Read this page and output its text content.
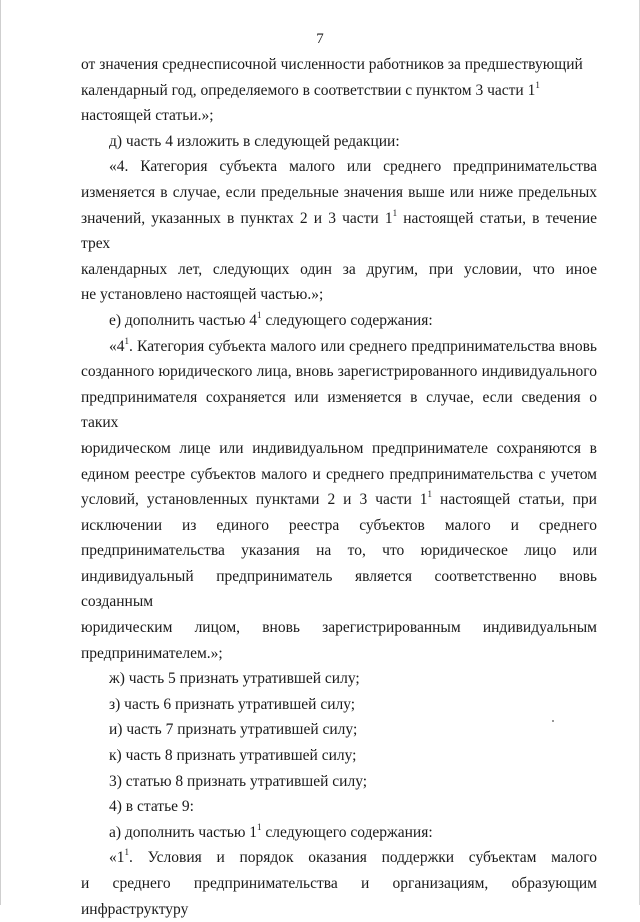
7

от значения среднесписочной численности работников за предшествующий
календарный год, определяемого в соответствии с пунктом 3 части $1^1$
настоящей статьи.»;

д) часть 4 изложить в следующей редакции:

«4. Категория субъекта малого или среднего предпринимательства
изменяется в случае, если предельные значения выше или ниже предельных
значений, указанных в пунктах 2 и 3 части $1^1$ настоящей статьи, в течение трех
календарных лет, следующих один за другим, при условии, что иное
не установлено настоящей частью.»;

е) дополнить частью $4^1$ следующего содержания:

«$4^1$. Категория субъекта малого или среднего предпринимательства вновь
созданного юридического лица, вновь зарегистрированного индивидуального
предпринимателя сохраняется или изменяется в случае, если сведения о таких
юридическом лице или индивидуальном предпринимателе сохраняются в
едином реестре субъектов малого и среднего предпринимательства с учетом
условий, установленных пунктами 2 и 3 части $1^1$ настоящей статьи, при
исключении из единого реестра субъектов малого и среднего
предпринимательства указания на то, что юридическое лицо или
индивидуальный предприниматель является соответственно вновь созданным
юридическим лицом, вновь зарегистрированным индивидуальным
предпринимателем.»;

ж) часть 5 признать утратившей силу;

з) часть 6 признать утратившей силу;

и) часть 7 признать утратившей силу;

к) часть 8 признать утратившей силу;

3) статью 8 признать утратившей силу;

4) в статье 9:

а) дополнить частью $1^1$ следующего содержания:

«$1^1$. Условия и порядок оказания поддержки субъектам малого
и среднего предпринимательства и организациям, образующим инфраструктуру
